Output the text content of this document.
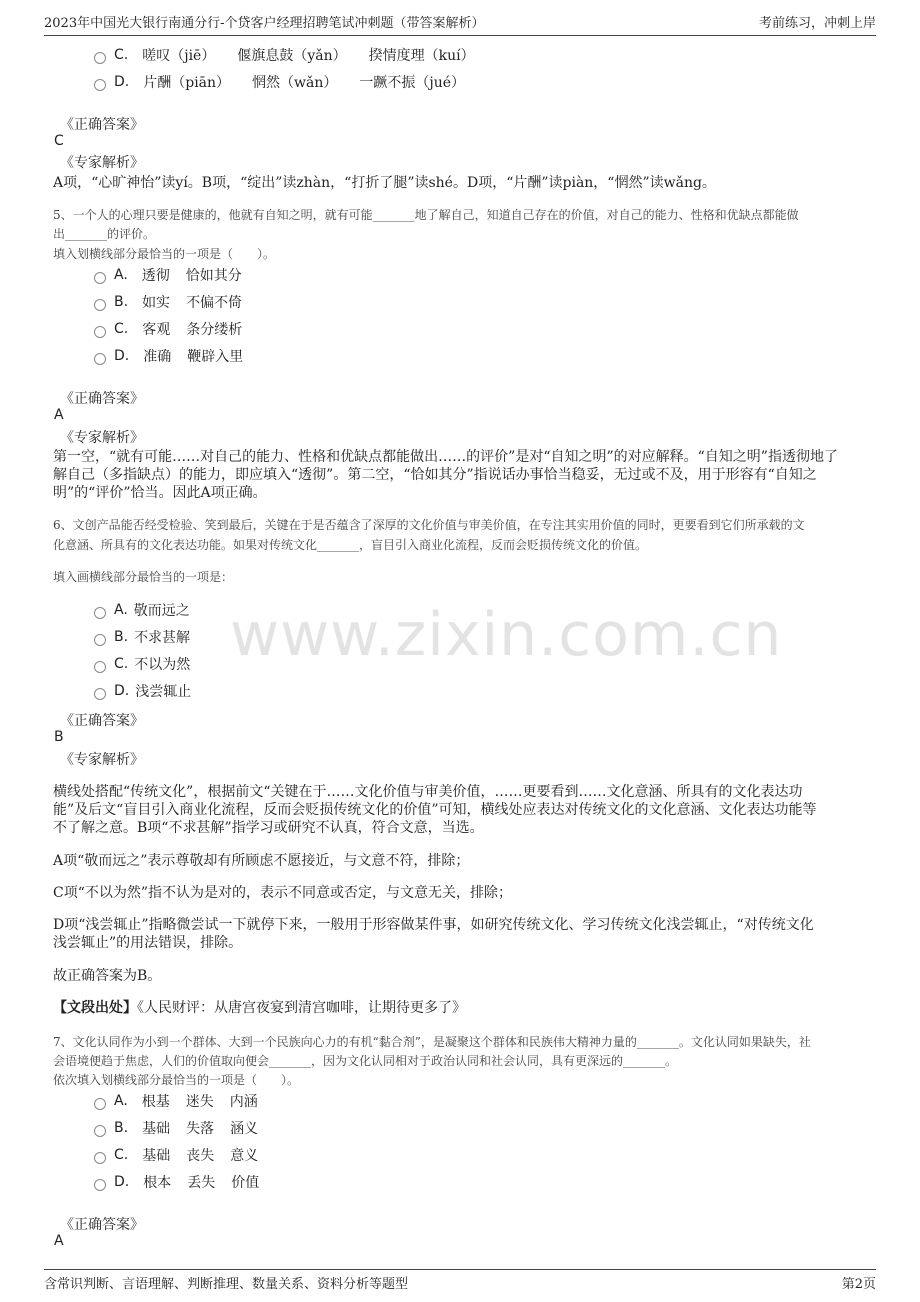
2023年中国光大银行南通分行-个贷客户经理招聘笔试冲刺题（带答案解析）	考前练习，冲刺上岸
www.zixin.com.cn
C. 嗟叹（jiē） 偃旗息鼓（yǎn） 揆情度理（kuí）
D. 片酬（piān） 惘然（wǎn） 一蹶不振（jué）
《正确答案》
C
《专家解析》
A项，“心旷神怡”读yí。B项，“绽出”读zhàn，“打折了腿”读shé。D项，“片酬”读piàn，“惘然”读wǎng。
5、一个人的心理只要是健康的，他就有自知之明，就有可能_______地了解自己，知道自己存在的价值，对自己的能力、性格和优缺点都能做
出_______的评价。
填入划横线部分最恰当的一项是（　　）。
A. 透彻 恰如其分
B. 如实 不偏不倚
C. 客观 条分缕析
D. 准确 鞭辟入里
《正确答案》
A
《专家解析》
第一空，“就有可能……对自己的能力、性格和优缺点都能做出……的评价”是对“自知之明”的对应解释。“自知之明”指透彻地了
解自己（多指缺点）的能力，即应填入“透彻”。第二空，“恰如其分”指说话办事恰当稳妥，无过或不及，用于形容有“自知之
明”的“评价”恰当。因此A项正确。
6、文创产品能否经受检验、笑到最后，关键在于是否蕴含了深厚的文化价值与审美价值，在专注其实用价值的同时，更要看到它们所承载的文
化意涵、所具有的文化表达功能。如果对传统文化_______，盲目引入商业化流程，反而会贬损传统文化的价值。
填入画横线部分最恰当的一项是：
A. 敬而远之
B. 不求甚解
C. 不以为然
D. 浅尝辄止
《正确答案》
B
《专家解析》
横线处搭配“传统文化”，根据前文“关键在于……文化价值与审美价值，……更要看到……文化意涵、所具有的文化表达功
能”及后文“盲目引入商业化流程，反而会贬损传统文化的价值”可知，横线处应表达对传统文化的文化意涵、文化表达功能等
不了解之意。B项“不求甚解”指学习或研究不认真，符合文意，当选。
A项“敬而远之”表示尊敬却有所顾虑不愿接近，与文意不符，排除；
C项“不以为然”指不认为是对的，表示不同意或否定，与文意无关，排除；
D项“浅尝辄止”指略微尝试一下就停下来，一般用于形容做某件事，如研究传统文化、学习传统文化浅尝辄止，“对传统文化
浅尝辄止”的用法错误，排除。
故正确答案为B。
【文段出处】《人民财评：从唐宫夜宴到清宫咖啡，让期待更多了》
7、文化认同作为小到一个群体、大到一个民族向心力的有机“黏合剂”，是凝聚这个群体和民族伟大精神力量的_______。文化认同如果缺失，社
会语境便趋于焦虑，人们的价值取向便会_______，因为文化认同相对于政治认同和社会认同，具有更深远的_______。
依次填入划横线部分最恰当的一项是（　　）。
A. 根基 迷失 内涵
B. 基础 失落 涵义
C. 基础 丧失 意义
D. 根本 丢失 价值
《正确答案》
A
含常识判断、言语理解、判断推理、数量关系、资料分析等题型	第2页
